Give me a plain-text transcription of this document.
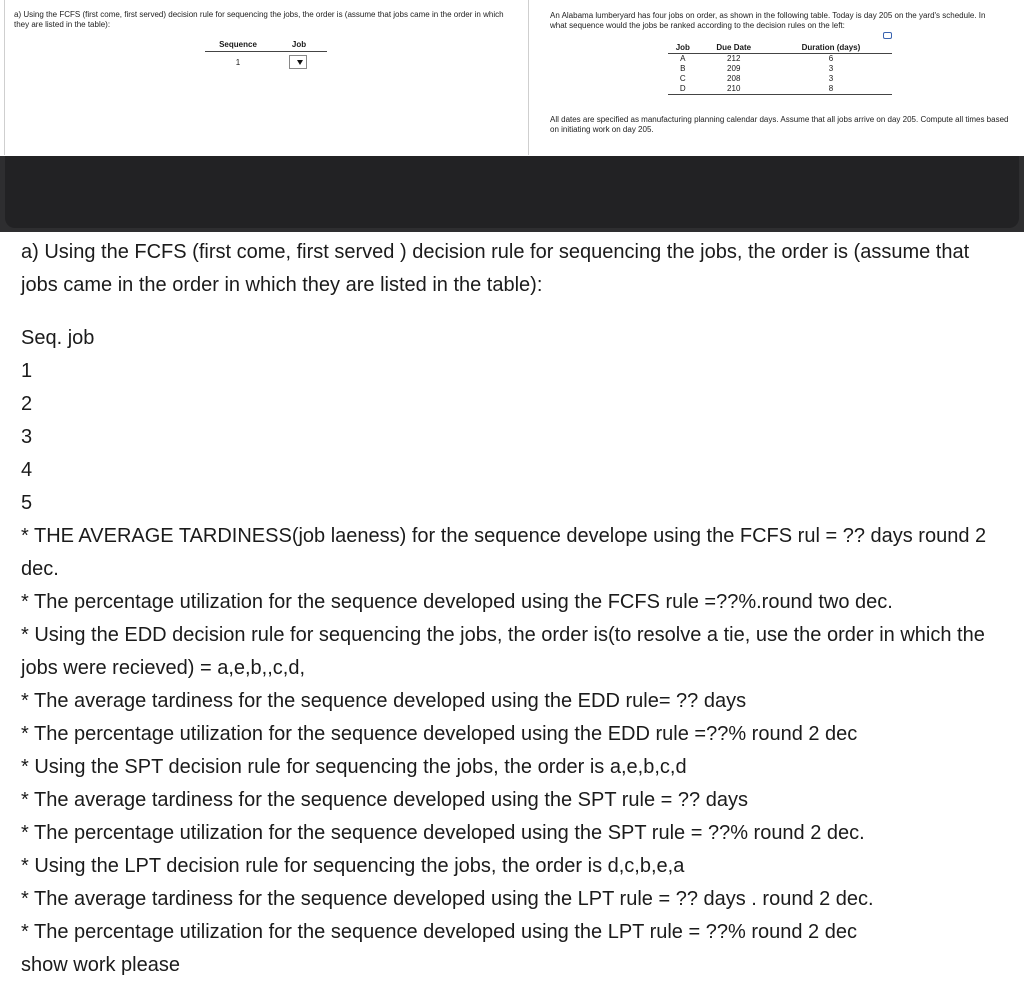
a) Using the FCFS (first come, first served) decision rule for sequencing the jobs, the order is (assume that jobs came in the order in which they are listed in the table):
Sequence	Job
1
An Alabama lumberyard has four jobs on order, as shown in the following table. Today is day 205 on the yard's schedule. In what sequence would the jobs be ranked according to the decision rules on the left:
Job	Due Date	Duration (days)
A	212	6
B	209	3
C	208	3
D	210	8
All dates are specified as manufacturing planning calendar days. Assume that all jobs arrive on day 205. Compute all times based on initiating work on day 205.

a) Using the FCFS (first come, first served ) decision rule for sequencing the jobs, the order is (assume that jobs came in the order in which they are listed in the table):

Seq. job

1

2

3

4

5

* THE AVERAGE TARDINESS(job laeness) for the sequence develope using the FCFS rul = ?? days round 2 dec.

* The percentage utilization for the sequence developed using the FCFS rule =??%.round two dec.

* Using the EDD decision rule for sequencing the jobs, the order is(to resolve a tie, use the order in which the jobs were recieved) = a,e,b,,c,d,

* The average tardiness for the sequence developed using the EDD rule= ?? days

* The percentage utilization for the sequence developed using the EDD rule =??% round 2 dec

* Using the SPT decision rule for sequencing the jobs, the order is a,e,b,c,d

* The average tardiness for the sequence developed using the SPT rule = ?? days

* The percentage utilization for the sequence developed using the SPT rule = ??% round 2 dec.

* Using the LPT decision rule for sequencing the jobs, the order is d,c,b,e,a

* The average tardiness for the sequence developed using the LPT rule = ?? days . round 2 dec.

* The percentage utilization for the sequence developed using the LPT rule = ??% round 2 dec

show work please
